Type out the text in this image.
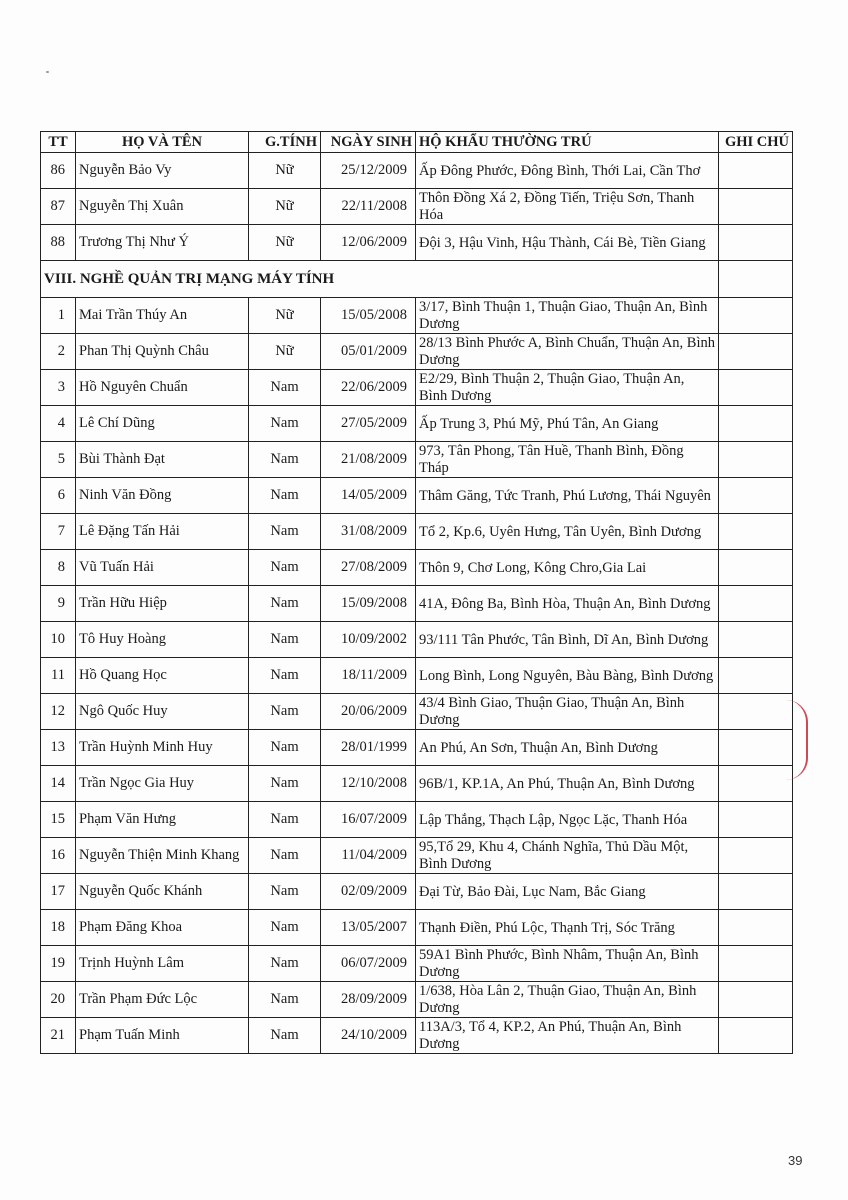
TT	HỌ VÀ TÊN	G.TÍNH	NGÀY SINH	HỘ KHẨU THƯỜNG TRÚ	GHI CHÚ
86	Nguyễn Bảo Vy	Nữ	25/12/2009	Ấp Đông Phước, Đông Bình, Thới Lai, Cần Thơ	
87	Nguyễn Thị Xuân	Nữ	22/11/2008	Thôn Đồng Xá 2, Đồng Tiến, Triệu Sơn, Thanh Hóa	
88	Trương Thị Như Ý	Nữ	12/06/2009	Đội 3, Hậu Vinh, Hậu Thành, Cái Bè, Tiền Giang	
VIII. NGHỀ QUẢN TRỊ MẠNG MÁY TÍNH					
1	Mai Trần Thúy An	Nữ	15/05/2008	3/17, Bình Thuận 1, Thuận Giao, Thuận An, Bình Dương	
2	Phan Thị Quỳnh Châu	Nữ	05/01/2009	28/13 Bình Phước A, Bình Chuẩn, Thuận An, Bình Dương	
3	Hồ Nguyên Chuẩn	Nam	22/06/2009	E2/29, Bình Thuận 2, Thuận Giao, Thuận An, Bình Dương	
4	Lê Chí Dũng	Nam	27/05/2009	Ấp Trung 3, Phú Mỹ, Phú Tân, An Giang	
5	Bùi Thành Đạt	Nam	21/08/2009	973, Tân Phong, Tân Huề, Thanh Bình, Đồng Tháp	
6	Ninh Văn Đồng	Nam	14/05/2009	Thâm Găng, Tức Tranh, Phú Lương, Thái Nguyên	
7	Lê Đặng Tấn Hải	Nam	31/08/2009	Tổ 2, Kp.6, Uyên Hưng, Tân Uyên, Bình Dương	
8	Vũ Tuấn Hải	Nam	27/08/2009	Thôn 9, Chơ Long, Kông Chro,Gia Lai	
9	Trần Hữu Hiệp	Nam	15/09/2008	41A, Đông Ba, Bình Hòa, Thuận An, Bình Dương	
10	Tô Huy Hoàng	Nam	10/09/2002	93/111 Tân Phước, Tân Bình, Dĩ An, Bình Dương	
11	Hồ Quang Học	Nam	18/11/2009	Long Bình, Long Nguyên, Bàu Bàng, Bình Dương	
12	Ngô Quốc Huy	Nam	20/06/2009	43/4 Bình Giao, Thuận Giao, Thuận An, Bình Dương	
13	Trần Huỳnh Minh Huy	Nam	28/01/1999	An Phú, An Sơn, Thuận An, Bình Dương	
14	Trần Ngọc Gia Huy	Nam	12/10/2008	96B/1, KP.1A, An Phú, Thuận An, Bình Dương	
15	Phạm Văn Hưng	Nam	16/07/2009	Lập Thắng, Thạch Lập, Ngọc Lặc, Thanh Hóa	
16	Nguyễn Thiện Minh Khang	Nam	11/04/2009	95,Tổ 29, Khu 4, Chánh Nghĩa, Thủ Dầu Một, Bình Dương	
17	Nguyễn Quốc Khánh	Nam	02/09/2009	Đại Từ, Bảo Đài, Lục Nam, Bắc Giang	
18	Phạm Đăng Khoa	Nam	13/05/2007	Thạnh Điền, Phú Lộc, Thạnh Trị, Sóc Trăng	
19	Trịnh Huỳnh Lâm	Nam	06/07/2009	59A1 Bình Phước, Bình Nhâm, Thuận An, Bình Dương	
20	Trần Phạm Đức Lộc	Nam	28/09/2009	1/638, Hòa Lân 2, Thuận Giao, Thuận An, Bình Dương	
21	Phạm Tuấn Minh	Nam	24/10/2009	113A/3, Tổ 4, KP.2, An Phú, Thuận An, Bình Dương	
39
